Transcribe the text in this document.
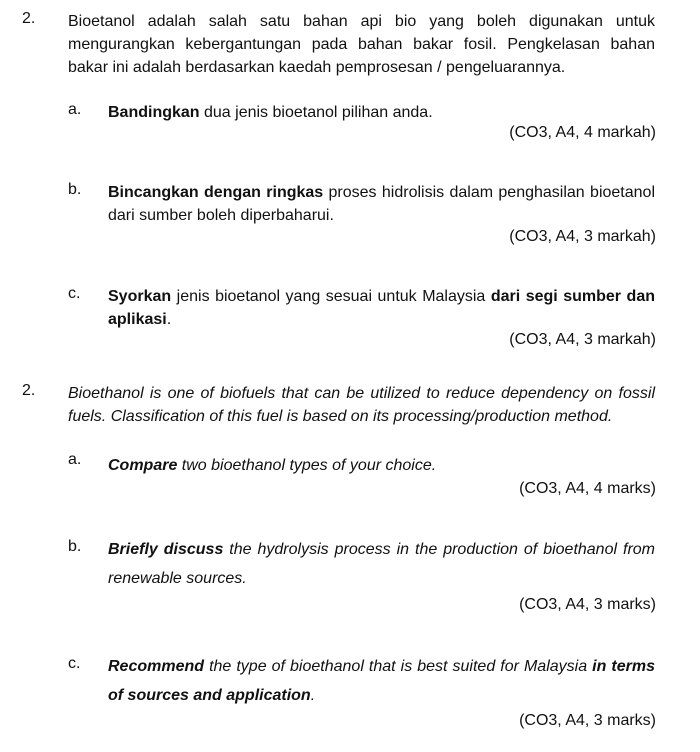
2. Bioetanol adalah salah satu bahan api bio yang boleh digunakan untuk mengurangkan kebergantungan pada bahan bakar fosil. Pengkelasan bahan bakar ini adalah berdasarkan kaedah pemprosesan / pengeluarannya.
a. Bandingkan dua jenis bioetanol pilihan anda.
(CO3, A4, 4 markah)
b. Bincangkan dengan ringkas proses hidrolisis dalam penghasilan bioetanol dari sumber boleh diperbaharui.
(CO3, A4, 3 markah)
c. Syorkan jenis bioetanol yang sesuai untuk Malaysia dari segi sumber dan aplikasi.
(CO3, A4, 3 markah)
2. Bioethanol is one of biofuels that can be utilized to reduce dependency on fossil fuels. Classification of this fuel is based on its processing/production method.
a. Compare two bioethanol types of your choice.
(CO3, A4, 4 marks)
b. Briefly discuss the hydrolysis process in the production of bioethanol from renewable sources.
(CO3, A4, 3 marks)
c. Recommend the type of bioethanol that is best suited for Malaysia in terms of sources and application.
(CO3, A4, 3 marks)
